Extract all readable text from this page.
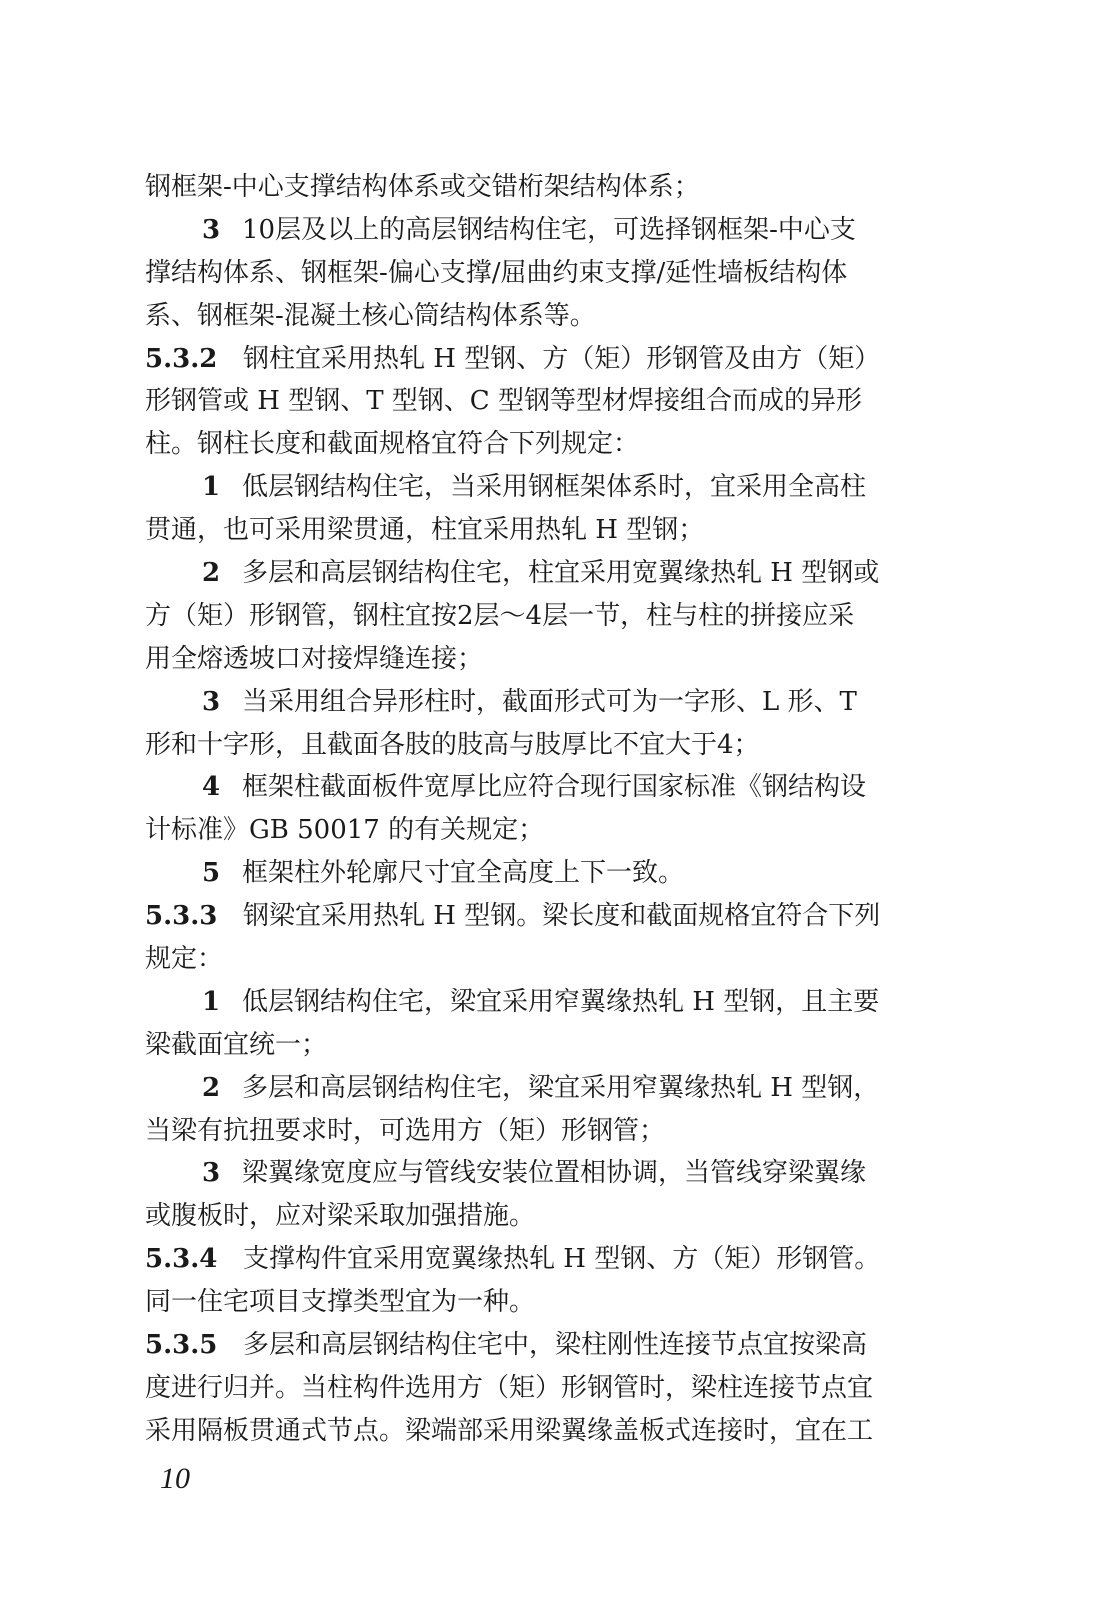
钢框架-中心支撑结构体系或交错桁架结构体系；
3 10层及以上的高层钢结构住宅，可选择钢框架-中心支
撑结构体系、钢框架-偏心支撑/屈曲约束支撑/延性墙板结构体
系、钢框架-混凝土核心筒结构体系等。
5.3.2 钢柱宜采用热轧 H 型钢、方（矩）形钢管及由方（矩）
形钢管或 H 型钢、T 型钢、C 型钢等型材焊接组合而成的异形
柱。钢柱长度和截面规格宜符合下列规定：
1 低层钢结构住宅，当采用钢框架体系时，宜采用全高柱
贯通，也可采用梁贯通，柱宜采用热轧 H 型钢；
2 多层和高层钢结构住宅，柱宜采用宽翼缘热轧 H 型钢或
方（矩）形钢管，钢柱宜按2层～4层一节，柱与柱的拼接应采
用全熔透坡口对接焊缝连接；
3 当采用组合异形柱时，截面形式可为一字形、L 形、T
形和十字形，且截面各肢的肢高与肢厚比不宜大于4；
4 框架柱截面板件宽厚比应符合现行国家标准《钢结构设
计标准》GB 50017 的有关规定；
5 框架柱外轮廓尺寸宜全高度上下一致。
5.3.3 钢梁宜采用热轧 H 型钢。梁长度和截面规格宜符合下列
规定：
1 低层钢结构住宅，梁宜采用窄翼缘热轧 H 型钢，且主要
梁截面宜统一；
2 多层和高层钢结构住宅，梁宜采用窄翼缘热轧 H 型钢，
当梁有抗扭要求时，可选用方（矩）形钢管；
3 梁翼缘宽度应与管线安装位置相协调，当管线穿梁翼缘
或腹板时，应对梁采取加强措施。
5.3.4 支撑构件宜采用宽翼缘热轧 H 型钢、方（矩）形钢管。
同一住宅项目支撑类型宜为一种。
5.3.5 多层和高层钢结构住宅中，梁柱刚性连接节点宜按梁高
度进行归并。当柱构件选用方（矩）形钢管时，梁柱连接节点宜
采用隔板贯通式节点。梁端部采用梁翼缘盖板式连接时，宜在工
10
